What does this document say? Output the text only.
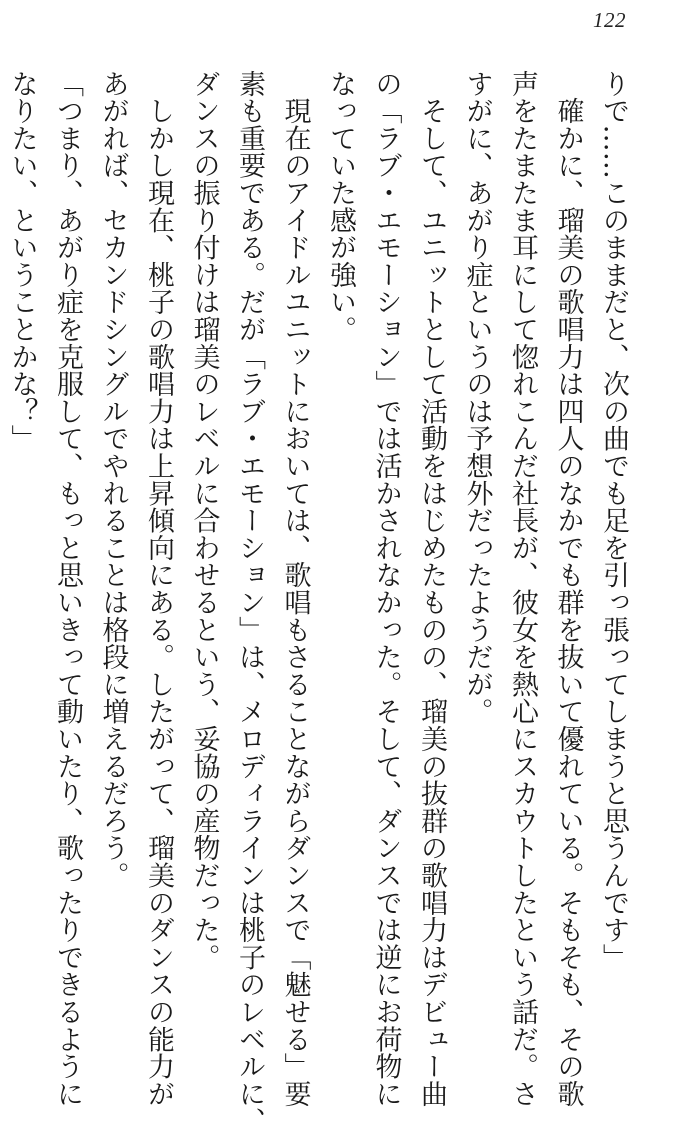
122

りで……このままだと、次の曲でも足を引っ張ってしまうと思うんです」

　確かに、瑠美の歌唱力は四人のなかでも群を抜いて優れている。そもそも、その歌

声をたまたま耳にして惚れこんだ社長が、彼女を熱心にスカウトしたという話だ。さ

すがに、あがり症というのは予想外だったようだが。

　そして、ユニットとして活動をはじめたものの、瑠美の抜群の歌唱力はデビュー曲

の「ラブ・エモーション」では活かされなかった。そして、ダンスでは逆にお荷物に

なっていた感が強い。

　現在のアイドルユニットにおいては、歌唱もさることながらダンスで「魅せる」要

素も重要である。だが「ラブ・エモーション」は、メロディラインは桃子のレベルに、

ダンスの振り付けは瑠美のレベルに合わせるという、妥協の産物だった。

　しかし現在、桃子の歌唱力は上昇傾向にある。したがって、瑠美のダンスの能力が

あがれば、セカンドシングルでやれることは格段に増えるだろう。

「つまり、あがり症を克服して、もっと思いきって動いたり、歌ったりできるように

なりたい、ということかな？」
